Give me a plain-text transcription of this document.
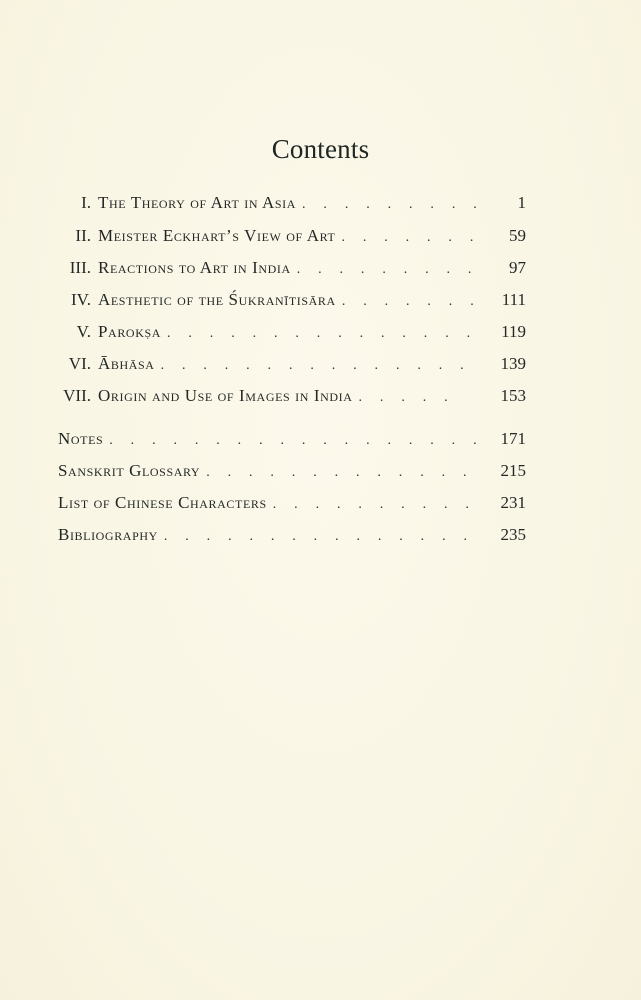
Contents
I. The Theory of Art in Asia . . . . . . . . . 1
II. Meister Eckhart’s View of Art . . . . . . . 59
III. Reactions to Art in India . . . . . . . . . 97
IV. Aesthetic of the Śukranītisāra . . . . . . . 111
V. Parokṣa . . . . . . . . . . . . . . . 119
VI. Ābhāsa . . . . . . . . . . . . . . . 139
VII. Origin and Use of Images in India . . . . .	153
Notes . . . . . . . . . . . . . . . . . . 171
Sanskrit Glossary . . . . . . . . . . . . . 215
List of Chinese Characters . . . . . . . . . . 231
Bibliography . . . . . . . . . . . . . . . 235
